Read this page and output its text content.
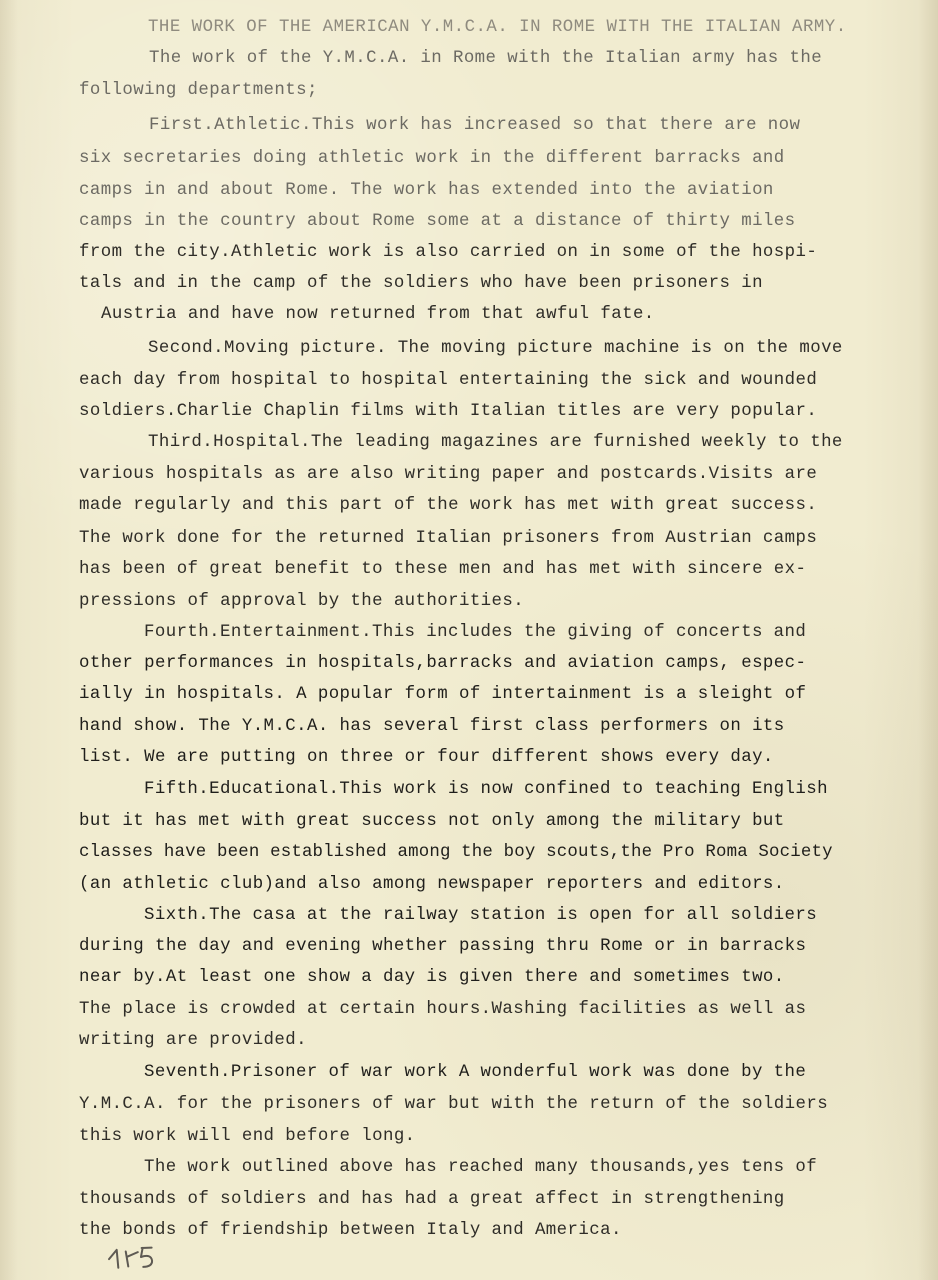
THE WORK OF THE AMERICAN Y.M.C.A. IN ROME WITH THE ITALIAN ARMY.
The work of the Y.M.C.A. in Rome with the Italian army has the
following departments;
First.Athletic.This work has increased so that there are now
six secretaries doing athletic work in the different barracks and
camps in and about Rome. The work has extended into the aviation
camps in the country about Rome some at a distance of thirty miles
from the city.Athletic work is also carried on in some of the hospi-
tals and in the camp of the soldiers who have been prisoners in
Austria and have now returned from that awful fate.
Second.Moving picture. The moving picture machine is on the move
each day from hospital to hospital entertaining the sick and wounded
soldiers.Charlie Chaplin films with Italian titles are very popular.
Third.Hospital.The leading magazines are furnished weekly to the
various hospitals as are also writing paper and postcards.Visits are
made regularly and this part of the work has met with great success.
The work done for the returned Italian prisoners from Austrian camps
has been of great benefit to these men and has met with sincere ex-
pressions of approval by the authorities.
Fourth.Entertainment.This includes the giving of concerts and
other performances in hospitals,barracks and aviation camps, espec-
ially in hospitals. A popular form of intertainment is a sleight of
hand show. The Y.M.C.A. has several first class performers on its
list. We are putting on three or four different shows every day.
Fifth.Educational.This work is now confined to teaching English
but it has met with great success not only among the military but
classes have been established among the boy scouts,the Pro Roma Society
(an athletic club)and also among newspaper reporters and editors.
Sixth.The casa at the railway station is open for all soldiers
during the day and evening whether passing thru Rome or in barracks
near by.At least one show a day is given there and sometimes two.
The place is crowded at certain hours.Washing facilities as well as
writing are provided.
Seventh.Prisoner of war work A wonderful work was done by the
Y.M.C.A. for the prisoners of war but with the return of the soldiers
this work will end before long.
The work outlined above has reached many thousands,yes tens of
thousands of soldiers and has had a great affect in strengthening
the bonds of friendship between Italy and America.
